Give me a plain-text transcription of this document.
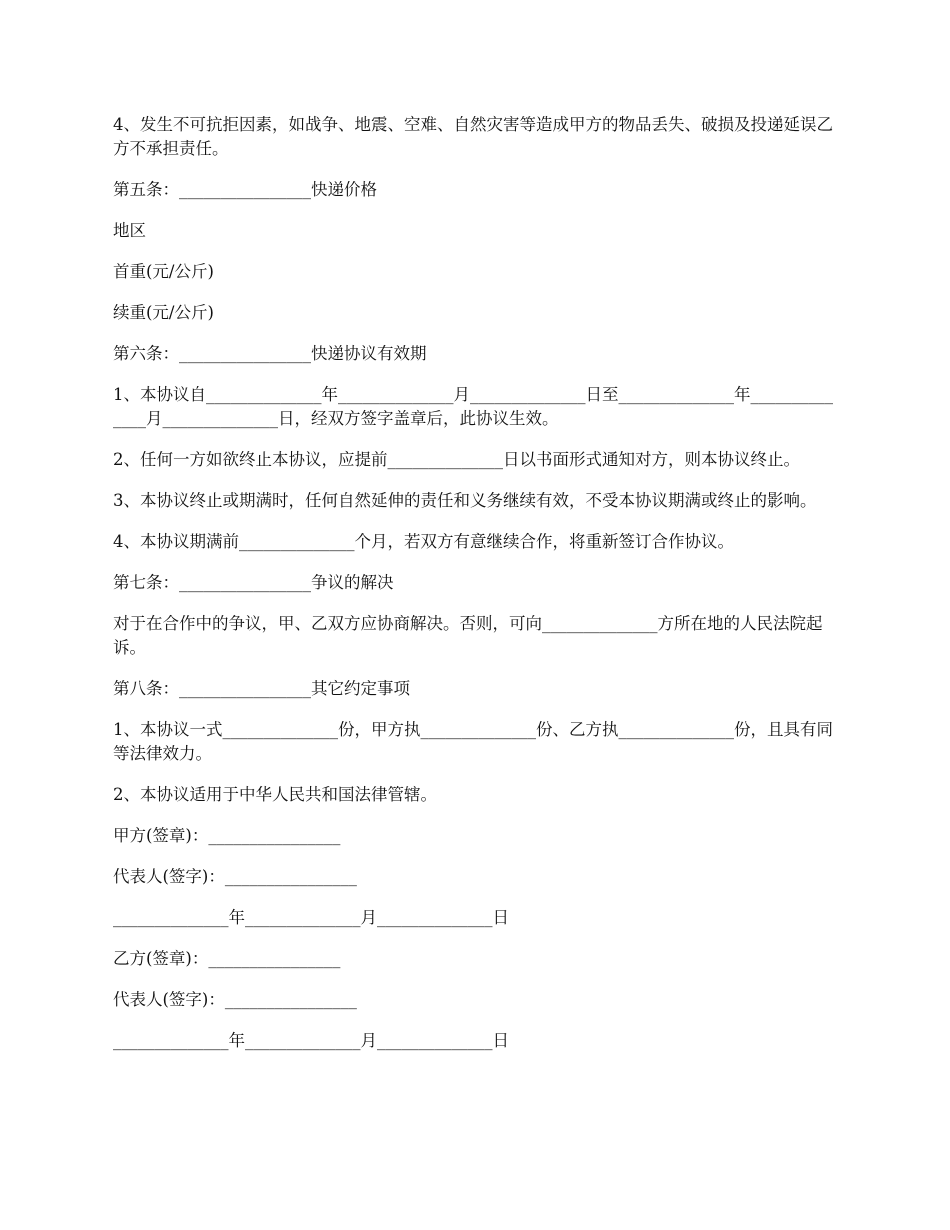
4、发生不可抗拒因素，如战争、地震、空难、自然灾害等造成甲方的物品丢失、破损及投递延误乙方不承担责任。

第五条：________________快递价格

地区

首重(元/公斤)

续重(元/公斤)

第六条：________________快递协议有效期

1、本协议自______________年______________月______________日至______________年______________月______________日，经双方签字盖章后，此协议生效。

2、任何一方如欲终止本协议，应提前______________日以书面形式通知对方，则本协议终止。

3、本协议终止或期满时，任何自然延伸的责任和义务继续有效，不受本协议期满或终止的影响。

4、本协议期满前______________个月，若双方有意继续合作，将重新签订合作协议。

第七条：________________争议的解决

对于在合作中的争议，甲、乙双方应协商解决。否则，可向______________方所在地的人民法院起诉。

第八条：________________其它约定事项

1、本协议一式______________份，甲方执______________份、乙方执______________份，且具有同等法律效力。

2、本协议适用于中华人民共和国法律管辖。

甲方(签章)：________________

代表人(签字)：________________

______________年______________月______________日

乙方(签章)：________________

代表人(签字)：________________

______________年______________月______________日
